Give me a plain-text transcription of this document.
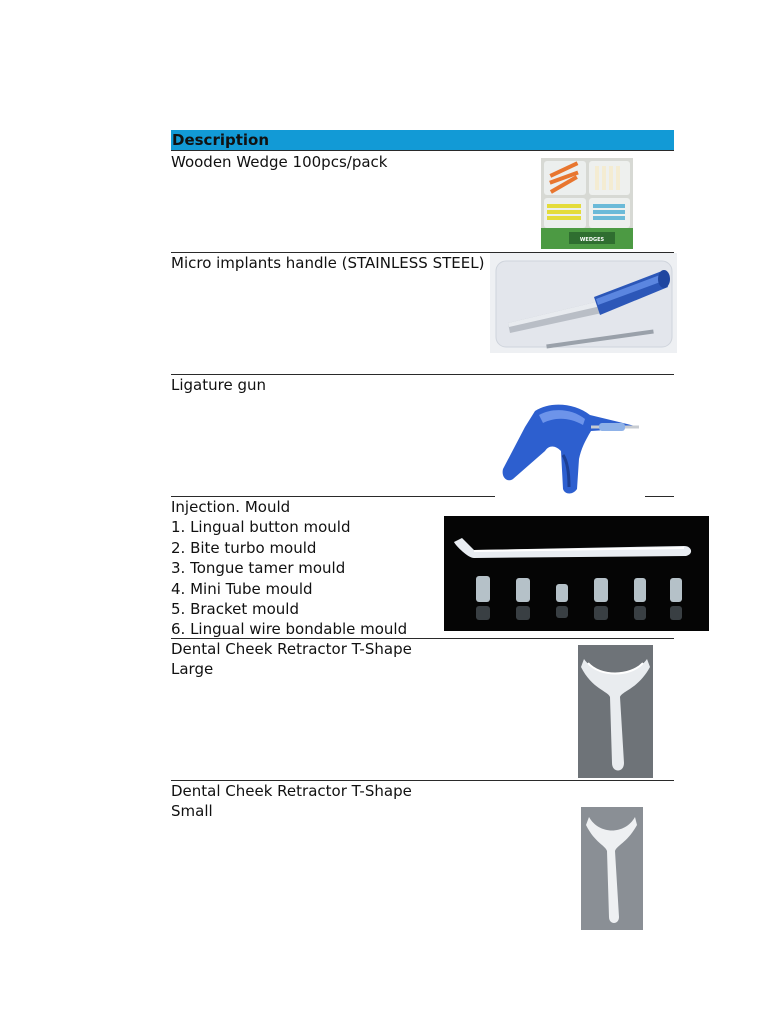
Description
Wooden Wedge 100pcs/pack
WEDGES
Micro implants handle (STAINLESS STEEL)
Ligature gun
Injection. Mould
1. Lingual button mould
2. Bite turbo mould
3. Tongue tamer mould
4. Mini Tube mould
5. Bracket mould
6. Lingual wire bondable mould
Dental Cheek Retractor T-Shape
Large
Dental Cheek Retractor T-Shape
Small
